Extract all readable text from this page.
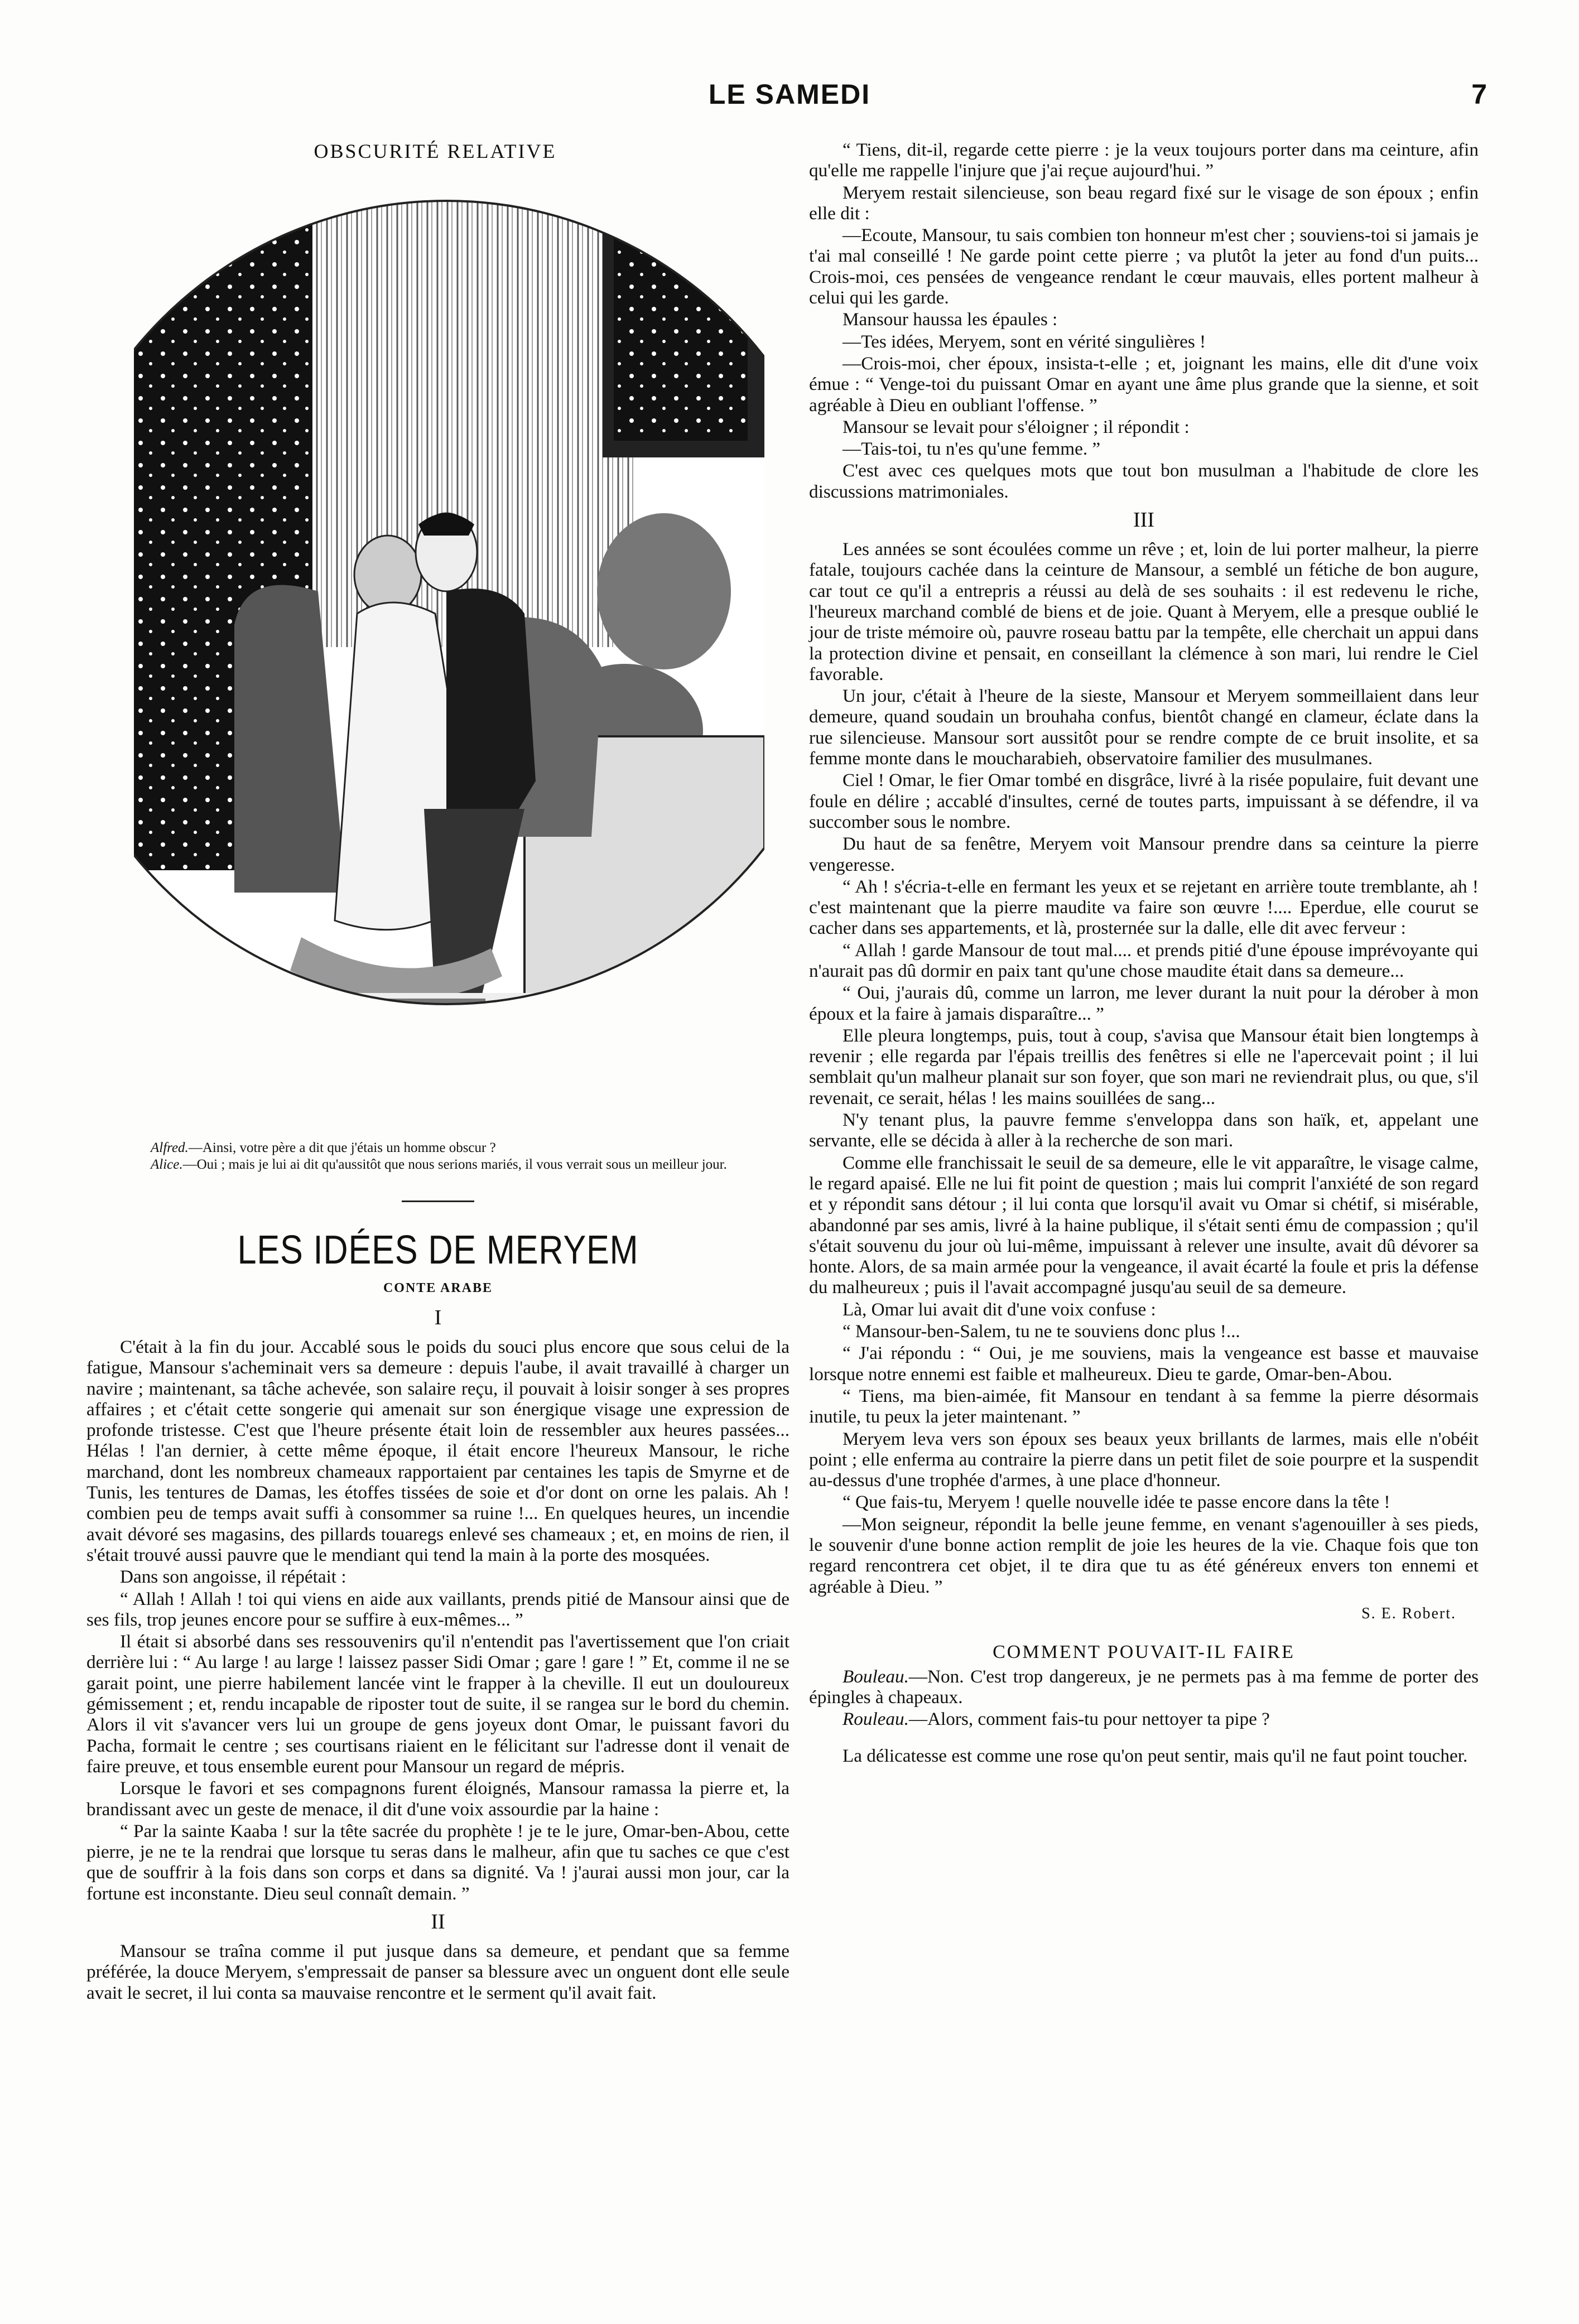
LE SAMEDI	7
OBSCURITÉ RELATIVE
Alfred.—Ainsi, votre père a dit que j'étais un homme obscur ?
Alice.—Oui ; mais je lui ai dit qu'aussitôt que nous serions mariés, il vous verrait sous un meilleur jour.
LES IDÉES DE MERYEM
CONTE ARABE
I

C'était à la fin du jour. Accablé sous le poids du souci plus encore que sous celui de la fatigue, Mansour s'acheminait vers sa demeure : depuis l'aube, il avait travaillé à charger un navire ; maintenant, sa tâche achevée, son salaire reçu, il pouvait à loisir songer à ses propres affaires ; et c'était cette songerie qui amenait sur son énergique visage une expression de profonde tristesse. C'est que l'heure présente était loin de ressembler aux heures passées... Hélas ! l'an dernier, à cette même époque, il était encore l'heureux Mansour, le riche marchand, dont les nombreux chameaux rapportaient par centaines les tapis de Smyrne et de Tunis, les tentures de Damas, les étoffes tissées de soie et d'or dont on orne les palais. Ah ! combien peu de temps avait suffi à consommer sa ruine !... En quelques heures, un incendie avait dévoré ses magasins, des pillards touaregs enlevé ses chameaux ; et, en moins de rien, il s'était trouvé aussi pauvre que le mendiant qui tend la main à la porte des mosquées.

Dans son angoisse, il répétait :

“ Allah ! Allah ! toi qui viens en aide aux vaillants, prends pitié de Mansour ainsi que de ses fils, trop jeunes encore pour se suffire à eux-mêmes... ”

Il était si absorbé dans ses ressouvenirs qu'il n'entendit pas l'avertissement que l'on criait derrière lui : “ Au large ! au large ! laissez passer Sidi Omar ; gare ! gare ! ” Et, comme il ne se garait point, une pierre habilement lancée vint le frapper à la cheville. Il eut un douloureux gémissement ; et, rendu incapable de riposter tout de suite, il se rangea sur le bord du chemin. Alors il vit s'avancer vers lui un groupe de gens joyeux dont Omar, le puissant favori du Pacha, formait le centre ; ses courtisans riaient en le félicitant sur l'adresse dont il venait de faire preuve, et tous ensemble eurent pour Mansour un regard de mépris.

Lorsque le favori et ses compagnons furent éloignés, Mansour ramassa la pierre et, la brandissant avec un geste de menace, il dit d'une voix assourdie par la haine :

“ Par la sainte Kaaba ! sur la tête sacrée du prophète ! je te le jure, Omar-ben-Abou, cette pierre, je ne te la rendrai que lorsque tu seras dans le malheur, afin que tu saches ce que c'est que de souffrir à la fois dans son corps et dans sa dignité. Va ! j'aurai aussi mon jour, car la fortune est inconstante. Dieu seul connaît demain. ”

II

Mansour se traîna comme il put jusque dans sa demeure, et pendant que sa femme préférée, la douce Meryem, s'empressait de panser sa blessure avec un onguent dont elle seule avait le secret, il lui conta sa mauvaise rencontre et le serment qu'il avait fait.

“ Tiens, dit-il, regarde cette pierre : je la veux toujours porter dans ma ceinture, afin qu'elle me rappelle l'injure que j'ai reçue aujourd'hui. ”

Meryem restait silencieuse, son beau regard fixé sur le visage de son époux ; enfin elle dit :

—Ecoute, Mansour, tu sais combien ton honneur m'est cher ; souviens-toi si jamais je t'ai mal conseillé ! Ne garde point cette pierre ; va plutôt la jeter au fond d'un puits... Crois-moi, ces pensées de vengeance rendant le cœur mauvais, elles portent malheur à celui qui les garde.

Mansour haussa les épaules :

—Tes idées, Meryem, sont en vérité singulières !

—Crois-moi, cher époux, insista-t-elle ; et, joignant les mains, elle dit d'une voix émue : “ Venge-toi du puissant Omar en ayant une âme plus grande que la sienne, et soit agréable à Dieu en oubliant l'offense. ”

Mansour se levait pour s'éloigner ; il répondit :

—Tais-toi, tu n'es qu'une femme. ”

C'est avec ces quelques mots que tout bon musulman a l'habitude de clore les discussions matrimoniales.

III

Les années se sont écoulées comme un rêve ; et, loin de lui porter malheur, la pierre fatale, toujours cachée dans la ceinture de Mansour, a semblé un fétiche de bon augure, car tout ce qu'il a entrepris a réussi au delà de ses souhaits : il est redevenu le riche, l'heureux marchand comblé de biens et de joie. Quant à Meryem, elle a presque oublié le jour de triste mémoire où, pauvre roseau battu par la tempête, elle cherchait un appui dans la protection divine et pensait, en conseillant la clémence à son mari, lui rendre le Ciel favorable.

Un jour, c'était à l'heure de la sieste, Mansour et Meryem sommeillaient dans leur demeure, quand soudain un brouhaha confus, bientôt changé en clameur, éclate dans la rue silencieuse. Mansour sort aussitôt pour se rendre compte de ce bruit insolite, et sa femme monte dans le moucharabieh, observatoire familier des musulmanes.

Ciel ! Omar, le fier Omar tombé en disgrâce, livré à la risée populaire, fuit devant une foule en délire ; accablé d'insultes, cerné de toutes parts, impuissant à se défendre, il va succomber sous le nombre.

Du haut de sa fenêtre, Meryem voit Mansour prendre dans sa ceinture la pierre vengeresse.

“ Ah ! s'écria-t-elle en fermant les yeux et se rejetant en arrière toute tremblante, ah ! c'est maintenant que la pierre maudite va faire son œuvre !.... Eperdue, elle courut se cacher dans ses appartements, et là, prosternée sur la dalle, elle dit avec ferveur :

“ Allah ! garde Mansour de tout mal.... et prends pitié d'une épouse imprévoyante qui n'aurait pas dû dormir en paix tant qu'une chose maudite était dans sa demeure...

“ Oui, j'aurais dû, comme un larron, me lever durant la nuit pour la dérober à mon époux et la faire à jamais disparaître... ”

Elle pleura longtemps, puis, tout à coup, s'avisa que Mansour était bien longtemps à revenir ; elle regarda par l'épais treillis des fenêtres si elle ne l'apercevait point ; il lui semblait qu'un malheur planait sur son foyer, que son mari ne reviendrait plus, ou que, s'il revenait, ce serait, hélas ! les mains souillées de sang...

N'y tenant plus, la pauvre femme s'enveloppa dans son haïk, et, appelant une servante, elle se décida à aller à la recherche de son mari.

Comme elle franchissait le seuil de sa demeure, elle le vit apparaître, le visage calme, le regard apaisé. Elle ne lui fit point de question ; mais lui comprit l'anxiété de son regard et y répondit sans détour ; il lui conta que lorsqu'il avait vu Omar si chétif, si misérable, abandonné par ses amis, livré à la haine publique, il s'était senti ému de compassion ; qu'il s'était souvenu du jour où lui-même, impuissant à relever une insulte, avait dû dévorer sa honte. Alors, de sa main armée pour la vengeance, il avait écarté la foule et pris la défense du malheureux ; puis il l'avait accompagné jusqu'au seuil de sa demeure.

Là, Omar lui avait dit d'une voix confuse :

“ Mansour-ben-Salem, tu ne te souviens donc plus !...

“ J'ai répondu : “ Oui, je me souviens, mais la vengeance est basse et mauvaise lorsque notre ennemi est faible et malheureux. Dieu te garde, Omar-ben-Abou.

“ Tiens, ma bien-aimée, fit Mansour en tendant à sa femme la pierre désormais inutile, tu peux la jeter maintenant. ”

Meryem leva vers son époux ses beaux yeux brillants de larmes, mais elle n'obéit point ; elle enferma au contraire la pierre dans un petit filet de soie pourpre et la suspendit au-dessus d'une trophée d'armes, à une place d'honneur.

“ Que fais-tu, Meryem ! quelle nouvelle idée te passe encore dans la tête !

—Mon seigneur, répondit la belle jeune femme, en venant s'agenouiller à ses pieds, le souvenir d'une bonne action remplit de joie les heures de la vie. Chaque fois que ton regard rencontrera cet objet, il te dira que tu as été généreux envers ton ennemi et agréable à Dieu. ”

S. E. Robert.
COMMENT POUVAIT-IL FAIRE

Bouleau.—Non. C'est trop dangereux, je ne permets pas à ma femme de porter des épingles à chapeaux.

Rouleau.—Alors, comment fais-tu pour nettoyer ta pipe ?

La délicatesse est comme une rose qu'on peut sentir, mais qu'il ne faut point toucher.
